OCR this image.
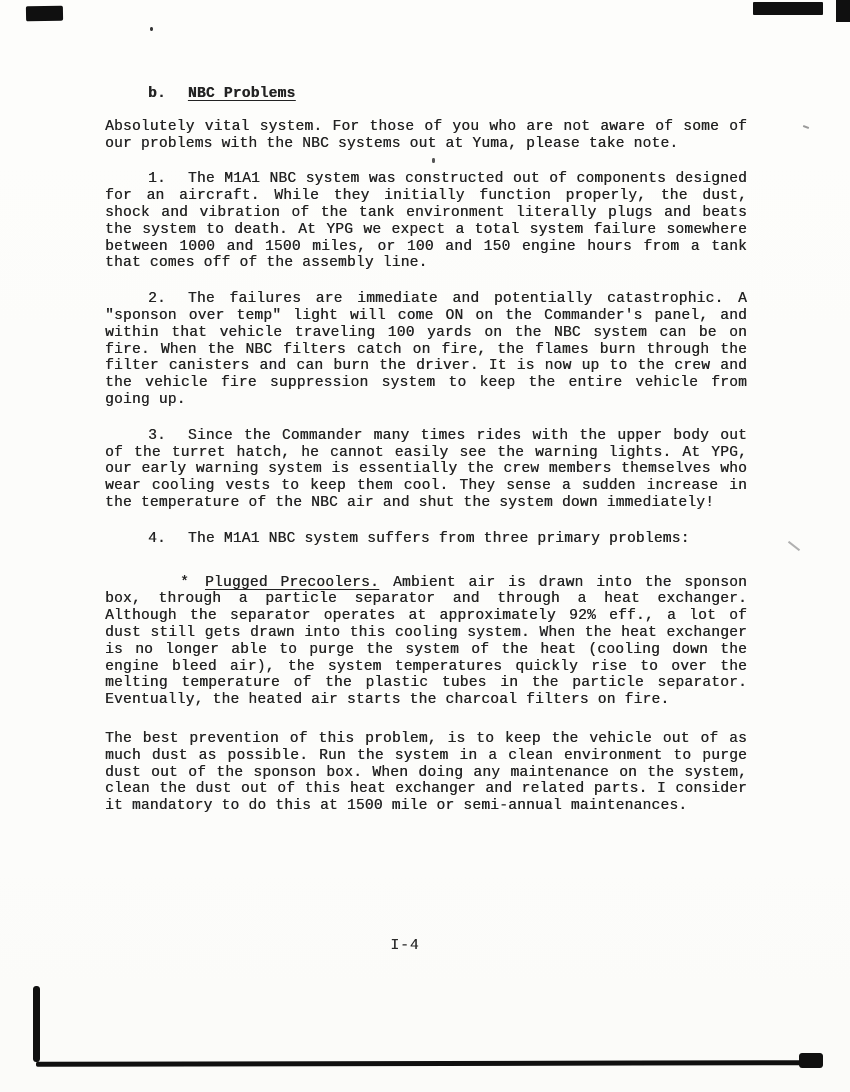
b. NBC Problems

Absolutely vital system. For those of you who are not aware of some of our problems with the NBC systems out at Yuma, please take note.

1. The M1A1 NBC system was constructed out of components designed for an aircraft. While they initially function properly, the dust, shock and vibration of the tank environment literally plugs and beats the system to death. At YPG we expect a total system failure somewhere between 1000 and 1500 miles, or 100 and 150 engine hours from a tank that comes off of the assembly line.

2. The failures are immediate and potentially catastrophic. A "sponson over temp" light will come ON on the Commander's panel, and within that vehicle traveling 100 yards on the NBC system can be on fire. When the NBC filters catch on fire, the flames burn through the filter canisters and can burn the driver. It is now up to the crew and the vehicle fire suppression system to keep the entire vehicle from going up.

3. Since the Commander many times rides with the upper body out of the turret hatch, he cannot easily see the warning lights. At YPG, our early warning system is essentially the crew members themselves who wear cooling vests to keep them cool. They sense a sudden increase in the temperature of the NBC air and shut the system down immediately!

4. The M1A1 NBC system suffers from three primary problems:

* Plugged Precoolers. Ambient air is drawn into the sponson box, through a particle separator and through a heat exchanger. Although the separator operates at approximately 92% eff., a lot of dust still gets drawn into this cooling system. When the heat exchanger is no longer able to purge the system of the heat (cooling down the engine bleed air), the system temperatures quickly rise to over the melting temperature of the plastic tubes in the particle separator. Eventually, the heated air starts the charcoal filters on fire.

The best prevention of this problem, is to keep the vehicle out of as much dust as possible. Run the system in a clean environment to purge dust out of the sponson box. When doing any maintenance on the system, clean the dust out of this heat exchanger and related parts. I consider it mandatory to do this at 1500 mile or semi-annual maintenances.

I-4
